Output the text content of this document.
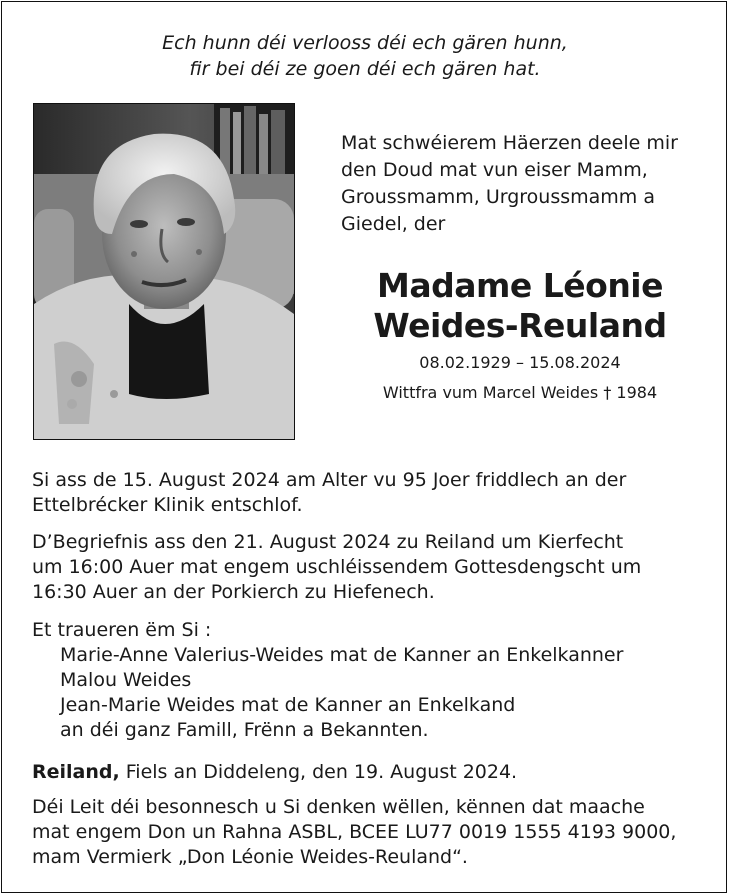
Ech hunn déi verlooss déi ech gären hunn,
fir bei déi ze goen déi ech gären hat.
Mat schwéierem Häerzen deele mir
den Doud mat vun eiser Mamm,
Groussmamm, Urgroussmamm a
Giedel, der
Madame Léonie
Weides-Reuland
08.02.1929 – 15.08.2024
Wittfra vum Marcel Weides † 1984
Si ass de 15. August 2024 am Alter vu 95 Joer friddlech an der
Ettelbrécker Klinik entschlof.
D’Begriefnis ass den 21. August 2024 zu Reiland um Kierfecht
um 16:00 Auer mat engem uschléissendem Gottesdengscht um
16:30 Auer an der Porkierch zu Hiefenech.
Et traueren ëm Si :
Marie-Anne Valerius-Weides mat de Kanner an Enkelkanner
Malou Weides
Jean-Marie Weides mat de Kanner an Enkelkand
an déi ganz Famill, Frënn a Bekannten.
Reiland, Fiels an Diddeleng, den 19. August 2024.
Déi Leit déi besonnesch u Si denken wëllen, kënnen dat maache
mat engem Don un Rahna ASBL, BCEE LU77 0019 1555 4193 9000,
mam Vermierk „Don Léonie Weides-Reuland“.
